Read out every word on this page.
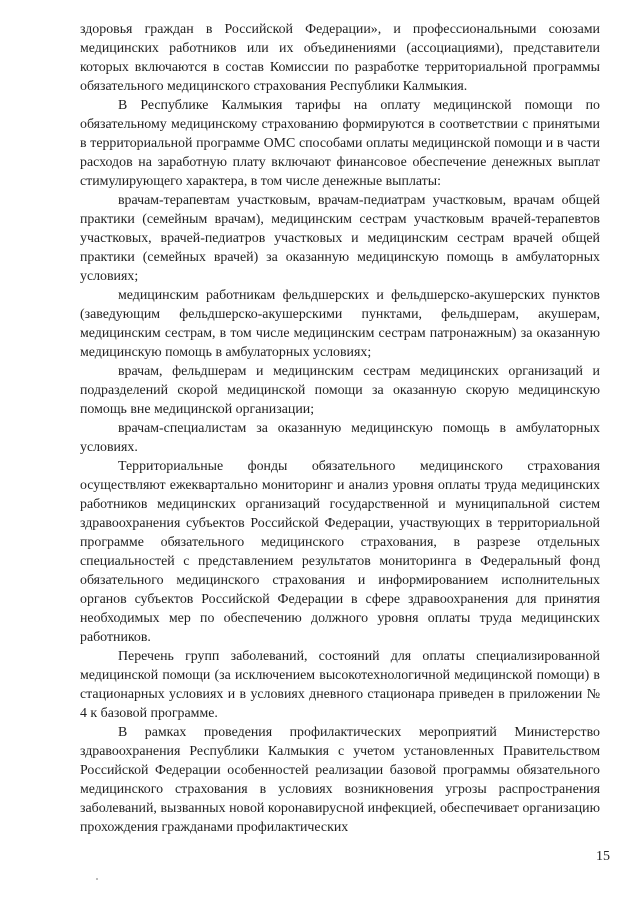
здоровья граждан в Российской Федерации», и профессиональными союзами медицинских работников или их объединениями (ассоциациями), представители которых включаются в состав Комиссии по разработке территориальной программы обязательного медицинского страхования Республики Калмыкия.

В Республике Калмыкия тарифы на оплату медицинской помощи по обязательному медицинскому страхованию формируются в соответствии с принятыми в территориальной программе ОМС способами оплаты медицинской помощи и в части расходов на заработную плату включают финансовое обеспечение денежных выплат стимулирующего характера, в том числе денежные выплаты:

врачам-терапевтам участковым, врачам-педиатрам участковым, врачам общей практики (семейным врачам), медицинским сестрам участковым врачей-терапевтов участковых, врачей-педиатров участковых и медицинским сестрам врачей общей практики (семейных врачей) за оказанную медицинскую помощь в амбулаторных условиях;

медицинским работникам фельдшерских и фельдшерско-акушерских пунктов (заведующим фельдшерско-акушерскими пунктами, фельдшерам, акушерам, медицинским сестрам, в том числе медицинским сестрам патронажным) за оказанную медицинскую помощь в амбулаторных условиях;

врачам, фельдшерам и медицинским сестрам медицинских организаций и подразделений скорой медицинской помощи за оказанную скорую медицинскую помощь вне медицинской организации;

врачам-специалистам за оказанную медицинскую помощь в амбулаторных условиях.

Территориальные фонды обязательного медицинского страхования осуществляют ежеквартально мониторинг и анализ уровня оплаты труда медицинских работников медицинских организаций государственной и муниципальной систем здравоохранения субъектов Российской Федерации, участвующих в территориальной программе обязательного медицинского страхования, в разрезе отдельных специальностей с представлением результатов мониторинга в Федеральный фонд обязательного медицинского страхования и информированием исполнительных органов субъектов Российской Федерации в сфере здравоохранения для принятия необходимых мер по обеспечению должного уровня оплаты труда медицинских работников.

Перечень групп заболеваний, состояний для оплаты специализированной медицинской помощи (за исключением высокотехнологичной медицинской помощи) в стационарных условиях и в условиях дневного стационара приведен в приложении № 4 к базовой программе.

В рамках проведения профилактических мероприятий Министерство здравоохранения Республики Калмыкия с учетом установленных Правительством Российской Федерации особенностей реализации базовой программы обязательного медицинского страхования в условиях возникновения угрозы распространения заболеваний, вызванных новой коронавирусной инфекцией, обеспечивает организацию прохождения гражданами профилактических

15
